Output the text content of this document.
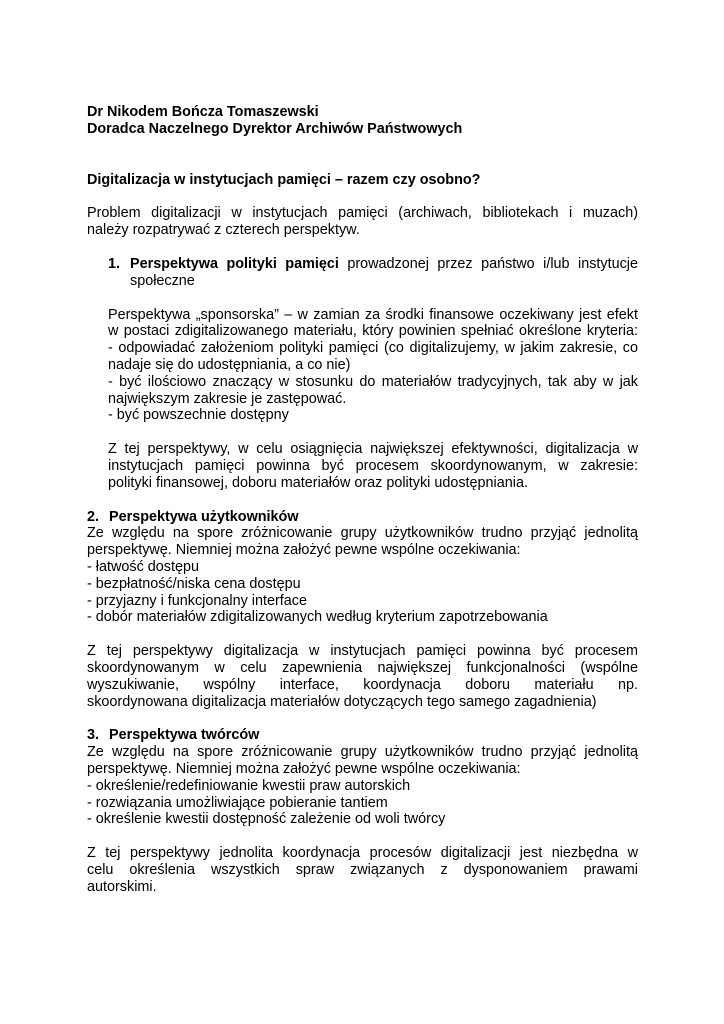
Dr Nikodem Bończa Tomaszewski

Doradca Naczelnego Dyrektor Archiwów Państwowych

Digitalizacja w instytucjach pamięci – razem czy osobno?

Problem digitalizacji w instytucjach pamięci (archiwach, bibliotekach i muzach)

należy rozpatrywać z czterech perspektyw.

1. Perspektywa polityki pamięci prowadzonej przez państwo i/lub instytucje

społeczne

Perspektywa „sponsorska” – w zamian za środki finansowe oczekiwany jest efekt

w postaci zdigitalizowanego materiału, który powinien spełniać określone kryteria:

- odpowiadać założeniom polityki pamięci (co digitalizujemy, w jakim zakresie, co

nadaje się do udostępniania, a co nie)

- być ilościowo znaczący w stosunku do materiałów tradycyjnych, tak aby w jak

największym zakresie je zastępować.

- być powszechnie dostępny

Z tej perspektywy, w celu osiągnięcia największej efektywności, digitalizacja w

instytucjach pamięci powinna być procesem skoordynowanym, w zakresie:

polityki finansowej, doboru materiałów oraz polityki udostępniania.

2. Perspektywa użytkowników

Ze względu na spore zróżnicowanie grupy użytkowników trudno przyjąć jednolitą

perspektywę. Niemniej można założyć pewne wspólne oczekiwania:

- łatwość dostępu

- bezpłatność/niska cena dostępu

- przyjazny i funkcjonalny interface

- dobór materiałów zdigitalizowanych według kryterium zapotrzebowania

Z tej perspektywy digitalizacja w instytucjach pamięci powinna być procesem

skoordynowanym w celu zapewnienia największej funkcjonalności (wspólne

wyszukiwanie, wspólny interface, koordynacja doboru materiału np.

skoordynowana digitalizacja materiałów dotyczących tego samego zagadnienia)

3. Perspektywa twórców

Ze względu na spore zróżnicowanie grupy użytkowników trudno przyjąć jednolitą

perspektywę. Niemniej można założyć pewne wspólne oczekiwania:

- określenie/redefiniowanie kwestii praw autorskich

- rozwiązania umożliwiające pobieranie tantiem

- określenie kwestii dostępność zależenie od woli twórcy

Z tej perspektywy jednolita koordynacja procesów digitalizacji jest niezbędna w

celu określenia wszystkich spraw związanych z dysponowaniem prawami

autorskimi.
